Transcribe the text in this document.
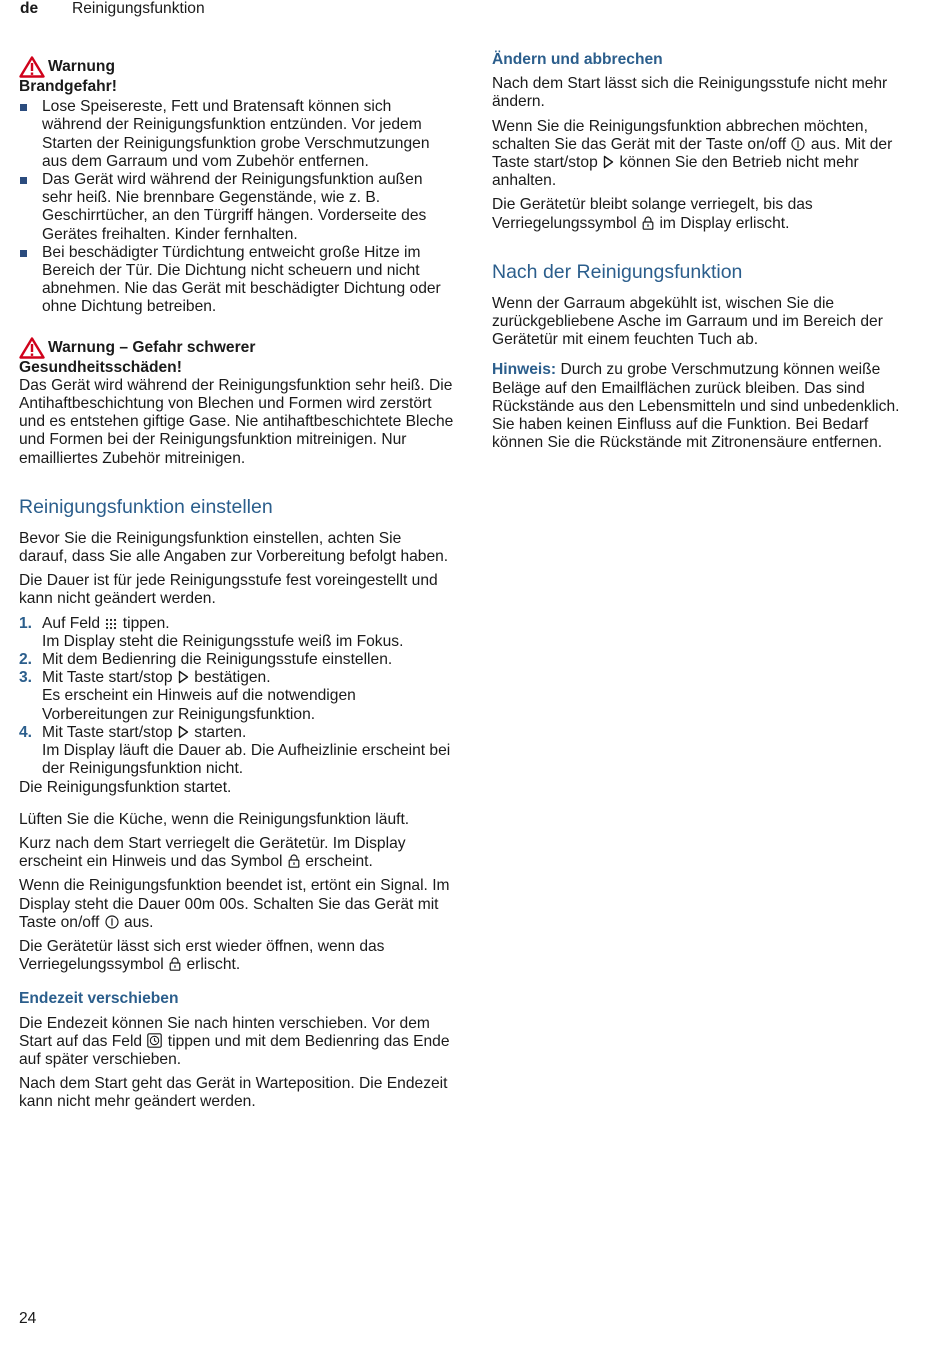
de Reinigungsfunktion
Warnung

Brandgefahr!

Lose Speisereste, Fett und Bratensaft können sich während der Reinigungsfunktion entzünden. Vor jedem Starten der Reinigungsfunktion grobe Verschmutzungen aus dem Garraum und vom Zubehör entfernen.
Das Gerät wird während der Reinigungsfunktion außen sehr heiß. Nie brennbare Gegenstände, wie z. B. Geschirrtücher, an den Türgriff hängen. Vorderseite des Gerätes freihalten. Kinder fernhalten.
Bei beschädigter Türdichtung entweicht große Hitze im Bereich der Tür. Die Dichtung nicht scheuern und nicht abnehmen. Nie das Gerät mit beschädigter Dichtung oder ohne Dichtung betreiben.
Warnung – Gefahr schwerer

Gesundheitsschäden!

Das Gerät wird während der Reinigungsfunktion sehr heiß. Die Antihaftbeschichtung von Blechen und Formen wird zerstört und es entstehen giftige Gase. Nie antihaftbeschichtete Bleche und Formen bei der Reinigungsfunktion mitreinigen. Nur emailliertes Zubehör mitreinigen.

Reinigungsfunktion einstellen

Bevor Sie die Reinigungsfunktion einstellen, achten Sie darauf, dass Sie alle Angaben zur Vorbereitung befolgt haben.

Die Dauer ist für jede Reinigungsstufe fest voreingestellt und kann nicht geändert werden.

1. Auf Feld tippen.
Im Display steht die Reinigungsstufe weiß im Fokus.
2. Mit dem Bedienring die Reinigungsstufe einstellen.
3. Mit Taste start/stop bestätigen.
Es erscheint ein Hinweis auf die notwendigen Vorbereitungen zur Reinigungsfunktion.
4. Mit Taste start/stop starten.
Im Display läuft die Dauer ab. Die Aufheizlinie erscheint bei der Reinigungsfunktion nicht.

Die Reinigungsfunktion startet.

Lüften Sie die Küche, wenn die Reinigungsfunktion läuft.

Kurz nach dem Start verriegelt die Gerätetür. Im Display erscheint ein Hinweis und das Symbol erscheint.

Wenn die Reinigungsfunktion beendet ist, ertönt ein Signal. Im Display steht die Dauer 00m 00s. Schalten Sie das Gerät mit Taste on/off aus.

Die Gerätetür lässt sich erst wieder öffnen, wenn das Verriegelungssymbol erlischt.

Endezeit verschieben

Die Endezeit können Sie nach hinten verschieben. Vor dem Start auf das Feld tippen und mit dem Bedienring das Ende auf später verschieben.

Nach dem Start geht das Gerät in Warteposition. Die Endezeit kann nicht mehr geändert werden.

Ändern und abbrechen

Nach dem Start lässt sich die Reinigungsstufe nicht mehr ändern.

Wenn Sie die Reinigungsfunktion abbrechen möchten, schalten Sie das Gerät mit der Taste on/off aus. Mit der Taste start/stop können Sie den Betrieb nicht mehr anhalten.

Die Gerätetür bleibt solange verriegelt, bis das Verriegelungssymbol im Display erlischt.

Nach der Reinigungsfunktion

Wenn der Garraum abgekühlt ist, wischen Sie die zurückgebliebene Asche im Garraum und im Bereich der Gerätetür mit einem feuchten Tuch ab.

Hinweis: Durch zu grobe Verschmutzung können weiße Beläge auf den Emailflächen zurück bleiben. Das sind Rückstände aus den Lebensmitteln und sind unbedenklich. Sie haben keinen Einfluss auf die Funktion. Bei Bedarf können Sie die Rückstände mit Zitronensäure entfernen.

24
